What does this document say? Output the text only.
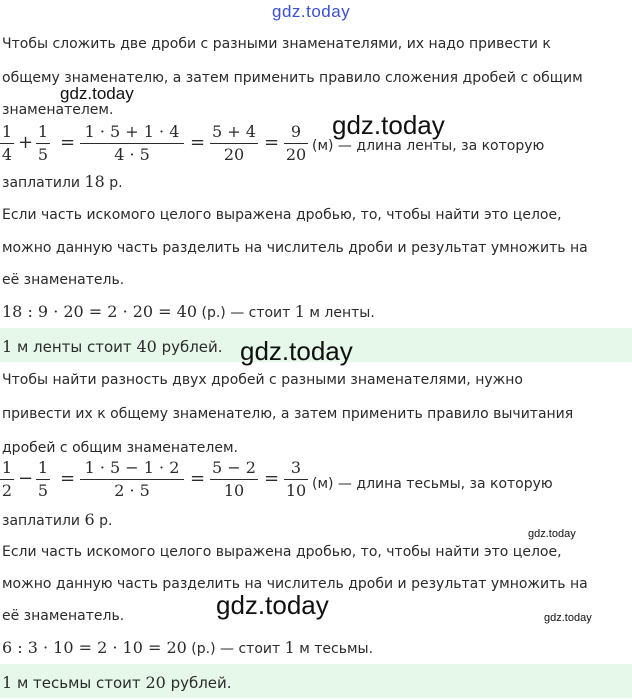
gdz.today
Чтобы сложить две дроби с разными знаменателями, их надо привести к
общему знаменателю, а затем применить правило сложения дробей с общим
знаменателем.
gdz.today
1
4
+
1
5
=
1 · 5 + 1 · 4
4 · 5
=
5 + 4
20
=
9
20 (м) — длина ленты, за которую
gdz.today
заплатили 18 р.
Если часть искомого целого выражена дробью, то, чтобы найти это целое,
можно данную часть разделить на числитель дроби и результат умножить на
её знаменатель.
18 : 9 · 20 = 2 · 20 = 40 (р.) — стоит 1 м ленты.
1 м ленты стоит 40 рублей. gdz.today
Чтобы найти разность двух дробей с разными знаменателями, нужно
привести их к общему знаменателю, а затем применить правило вычитания
дробей с общим знаменателем.
1
2
−
1
5
=
1 · 5 − 1 · 2
2 · 5
=
5 − 2
10
=
3
10 (м) — длина тесьмы, за которую
заплатили 6 р.
gdz.today
Если часть искомого целого выражена дробью, то, чтобы найти это целое,
можно данную часть разделить на числитель дроби и результат умножить на
её знаменатель.	gdz.today	gdz.today
6 : 3 · 10 = 2 · 10 = 20 (р.) — стоит 1 м тесьмы.
1 м тесьмы стоит 20 рублей.
